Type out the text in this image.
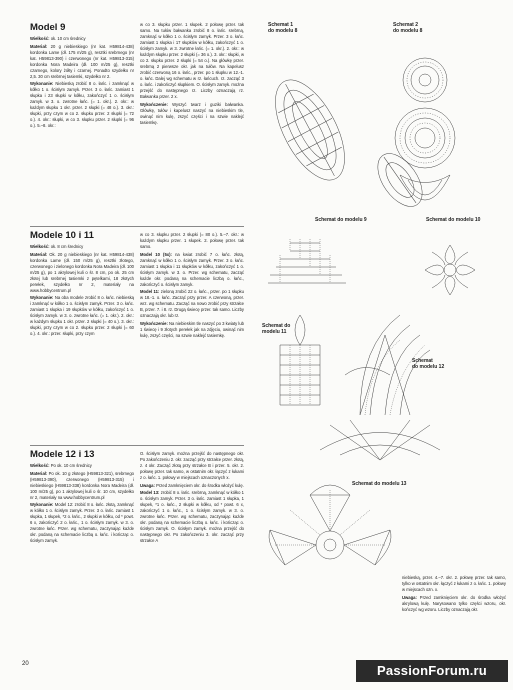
Model 9

Wielkość: ok. 10 cm średnicy

Materiał: 20 g niebieskiego (nr kat. H59814-438) kordonka Lame (dł. 175 m/25 g), resztki srebrnego (nr kat. H59813-390) i czerwonego (nr kat. H59813-315) kordonka Nora Madeira (dł. 100 m/25 g), resztki czarnego, kolory żółty i czarnej. Ponadto szydełko nr 2,5. 30 cm srebrnej tasiemki, szydełko nr 2.

Wykonanie: Niebieską zrobić 8 o. łańc. i zamknąć w kółko 1 o. ścisłym zamyk. Przer. 3 o. łańc. zamiast 1 słupka i 23 słupki w kółku, zakończyć 1 o. ścisłym zamyk. w 3. o. zwrotne łańc. (= 1. okr.). 2. okr.: w każdym słupku 1 okr. przer. 2 słupki (= 48 o.). 3. okr.: słupki, przy czym w co 2. słupku przer. 2 słupki (= 72 o.). 4. okr.: słupki, w co 3. słupku przer. 2 słupki (= 96 o.). 5.–8. okr.:

w co 3. słupku przer. 1 słupek. 2 połowę przer. tak samo. Na tułów bałwanka zrobić 8 o. łańc. srebrną, zamknąć w kółko 1 o. ścisłym zamyk. Przer. 3 o. łańc. zamiast 1 słupka i 17 słupków w kółku, zakończyć 1 o. ścisłym zamyk. w 3. zwrotne łańc. (= 1. okr.). 2. okr.: w każdym słupku przer. 2 słupki (= 36 o.). 3. okr.: słupki, w co 2. słupku przer. 2 słupki (= 54 o.). Na główkę przer. srebrną 2 pierwsze okr. jak na tułów. Na kapelusz zrobić czerwoną 16 o. łańc., przer. po 1 słupku w 12.-1. o. łańc. Dalej wg schematu w rz. łańcuch. rz. zacząć 3 o. łańc. i zakończyć słupkiem. O. ścisłym zamyk. można przejść do następnego rz. Liczby oznaczają rz. Bałwanka przer. 2 x.

Wykończenie: Wyszyć twarz i guziki bałwanka. Główkę, tułów i kapelusz naszyć na niebieskim tle, owinąć nim kulę, zszyć części i na szwie naklejć tasiemkę.

Modele 10 i 11

Wielkość: ok. 8 cm średnicy

Materiał: Ok. 20 g niebieskiego (nr kat. H59814-438) kordonka Lame (dł. 150 m/25 g), resztki złotego, czerwonego i zielonego kordonka Nora Madeira (dł. 100 m/25 g), po 1 akrylowej kuli o śr. 8 cm, po ok. 25 cm złotej lub srebrnej tasiemki z pętelkami, 18 złotych perełek, szydełko nr 2, materiały na www.hobbycentrum.pl

Wykonanie: Na oba modele zrobić 8 o. łańc. niebieską i zamknąć w kółko 1 o. ścisłym zamyk. Przer. 3 o. łańc. zamiast 1 słupka i 19 słupków w kółku, zakończyć 1 o. ścisłym zamyk. w 3. o. zwrotne łańc. (= 1. okr.). 2. okr.: w każdym słupku 1 okr. przer. 2 słupki (= 40 o.). 3. okr.: słupki, przy czym w co 2. słupku przer. 2 słupki (= 60 o.). 4. okr.: przer. słupki, przy czym

w co 3. słupku przer. 2 słupki (= 80 o.). 5.–7. okr.: w każdym słupku przer. 1 słupek. 2. połowę przer. tak samo.

Model 10 (5x): na kwiat zrobić 7 o. łańc. złotą, zamknąć w kółko 1 o. ścisłym zamyk. Przer. 3 o. łańc. zamiast 1 słupka i 11 słupków w kółku, zakończyć 1 o. ścisłym zamyk. w 3. o. Przer. wg schematu, zacząć każde okr. podaną na schemacie liczbą o. łańc., zakończyć o. ścisłym zamyk.

Model 11: zieloną zrobić 22 o. łańc., przer. po 1 słupku w 18.-1. o. łańc. Zacząć przy przer. A czerwoną, przer. wrz. wg schematu. Zacząć na nowo zrobić przy strzałce B, przer. 7. i 8. rz. Drugą świecę przer. tak samo. Liczby oznaczają okr. lub rz.

Wykończenie: Na niebieskim tle naszyć po 3 kwiaty lub 1 świecę i 9 złotych perełek jak na zdjęciu, owinąć nim kulę, zszyć części, na szwie naklejć tasiemkę.

Modele 12 i 13

Wielkość: Po ok. 10 cm średnicy

Materiał: Po ok. 10 g złotego (H59813-321), srebrnego (H59813-390), czerwonego (H59813-315) i niebieskiego (H59813-338) kordonka Nora Madeira (dł. 100 m/25 g), po 1 akrylowej kuli o śr. 10 cm, szydełko nr 2, materiały na www.hobbycentrum.pl

Wykonanie: Model 12: zrobić 8 o. łańc. złotą, zamknąć w kółko 1 o. ścisłym zamyk. Przer. 3 o. łańc. zamiast 1 słupka, 1 słupek, *2 o. łańc., 2 słupki w kółku, od * powt. 6 x, zakończyć 2 o. łańc., 1 o. ścisłym zamyk. w 3. o. zwrotne łańc. Przer. wg schematu, zaczynając każde okr. podaną na schemacie liczbą o. łańc. i kończąc o. ścisłym zamyk.

O. ścisłym zamyk. można przejść do następnego okr. Po zakończeniu 2. okr. zacząć przy strzałce przer. złotą, z. 4 okr. Zacząć złotą przy strzałce B i przer. 5. okr. 2. połowę przer. tak samo, w ostatnim okr. łączyć z łukami z o. łańc. 1. połowy w miejscach oznaczonych x.

Uwaga: Przed zamknięciem okr. do środka włożyć kulę.

Model 13: zrobić 8 o. łańc. srebrną, zamknąć w kółko 1 o. ścisłym zamyk. Przer. 3 o. łańc. zamiast 1 słupka, 1 słupek, *1 o. łańc., 2 słupki w kółku, od * powt. 6 x, zakończyć 1 o. łańc., 1 o. ścisłym zamyk. w 3. o. zwrotne łańc. Przer. wg schematu, zaczynając każde okr. podaną na schemacie liczbą o. łańc. i kończąc o. ścisłym zamyk. O. ścisłym zamyk. można przejść do następnego okr. Po zakończeniu 3. okr. zacząć przy strzałce A

niebieską, przer. 4.–7. okr. 2. połowę przer. tak samo, tylko w ostatnim okr. łączyć z łukami z o. łańc. 1. połowy w miejscach ozn. x.

Uwaga: Przed zamknięciem okr. do środka włożyć akrylową kulę. Narysowano tylko części wzoru, okr. kończyć wg wzoru. Liczby oznaczają okr.

Schemat 1
do modelu 8
Schemat 2
do modelu 8
Schemat do modelu 9	Schemat do modelu 10
Schemat do
modelu 11
Schemat
do modelu 12
Schemat do modelu 13
20	PassionForum.ru
